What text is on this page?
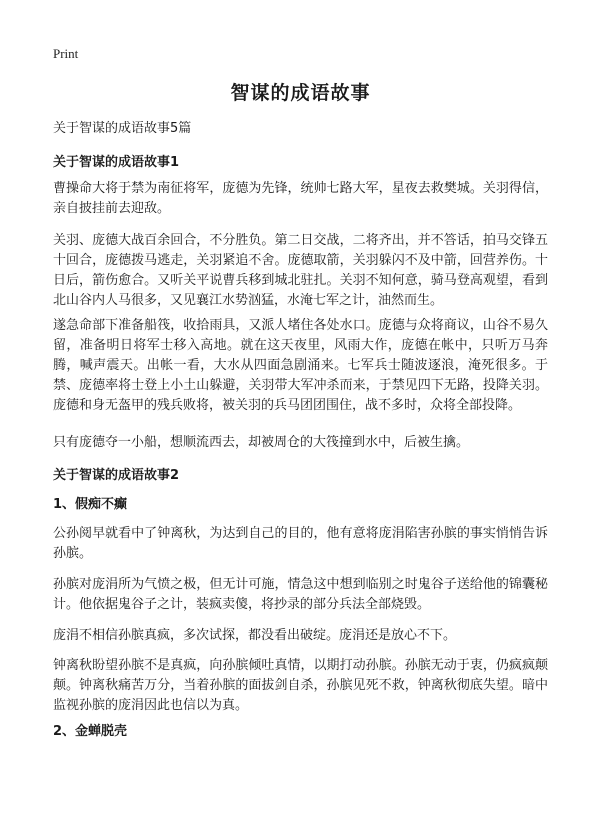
Print
智谋的成语故事

关于智谋的成语故事5篇

关于智谋的成语故事1

曹操命大将于禁为南征将军，庞德为先锋，统帅七路大军，星夜去救樊城。关羽得信，亲自披挂前去迎敌。

关羽、庞德大战百余回合，不分胜负。第二日交战，二将齐出，并不答话，拍马交锋五十回合，庞德拨马逃走，关羽紧追不舍。庞德取箭，关羽躲闪不及中箭，回营养伤。十日后，箭伤愈合。又听关平说曹兵移到城北驻扎。关羽不知何意，骑马登高观望，看到北山谷内人马很多，又见襄江水势汹猛，水淹七军之计，油然而生。

遂急命部下准备船筏，收拾雨具，又派人堵住各处水口。庞德与众将商议，山谷不易久留，准备明日将军士移入高地。就在这天夜里，风雨大作，庞德在帐中，只听万马奔腾，喊声震天。出帐一看，大水从四面急剧涌来。七军兵士随波逐浪，淹死很多。于禁、庞德率将士登上小土山躲避，关羽带大军冲杀而来，于禁见四下无路，投降关羽。庞德和身无盔甲的残兵败将，被关羽的兵马团团围住，战不多时，众将全部投降。

只有庞德夺一小船，想顺流西去，却被周仓的大筏撞到水中，后被生擒。

关于智谋的成语故事2

1、假痴不癫

公孙阅早就看中了钟离秋，为达到自己的目的，他有意将庞涓陷害孙膑的事实悄悄告诉孙膑。

孙膑对庞涓所为气愤之极，但无计可施，情急这中想到临别之时鬼谷子送给他的锦囊秘计。他依据鬼谷子之计，装疯卖傻，将抄录的部分兵法全部烧毁。

庞涓不相信孙膑真疯，多次试探，都没看出破绽。庞涓还是放心不下。

钟离秋盼望孙膑不是真疯，向孙膑倾吐真情，以期打动孙膑。孙膑无动于衷，仍疯疯颠颠。钟离秋痛苦万分，当着孙膑的面拔剑自杀，孙膑见死不救，钟离秋彻底失望。暗中监视孙膑的庞涓因此也信以为真。

2、金蝉脱壳
